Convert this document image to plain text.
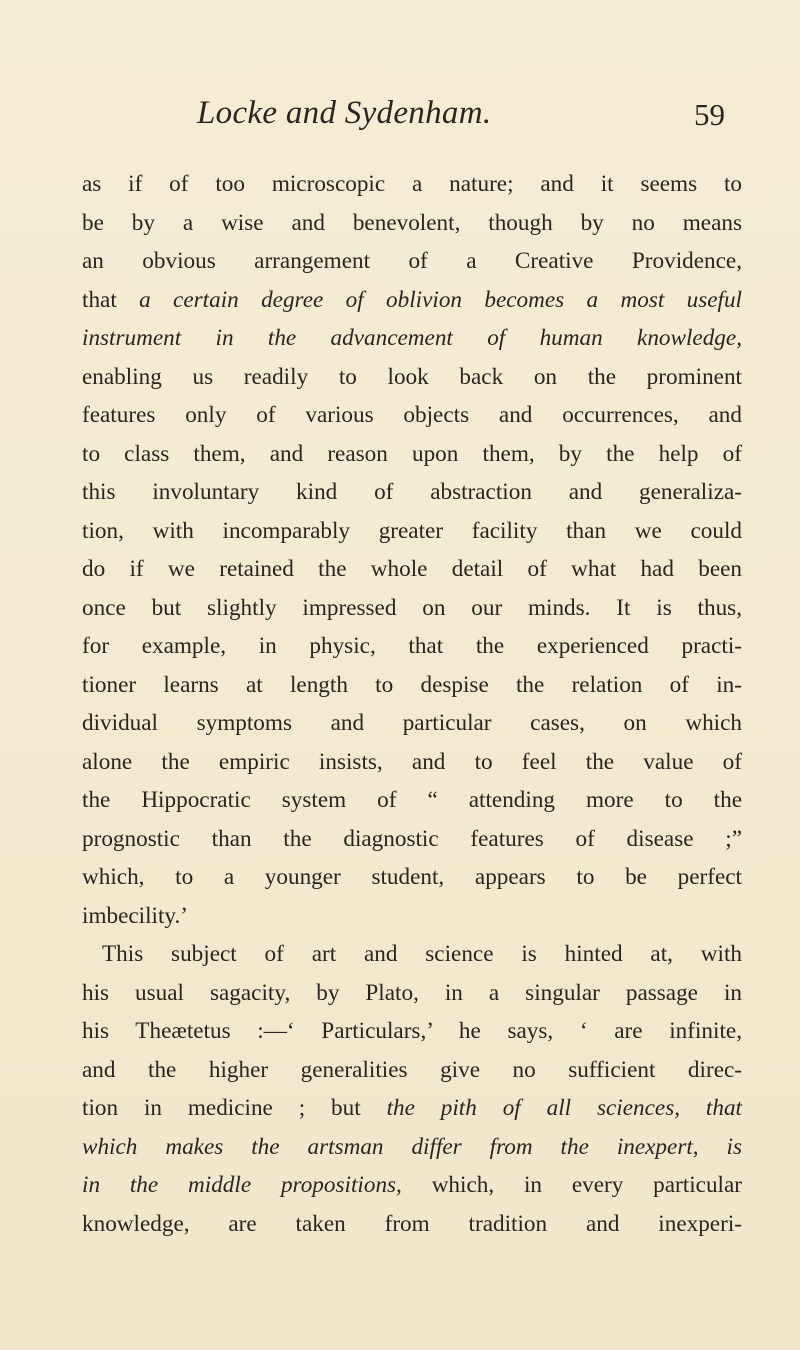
Locke and Sydenham.	59
as if of too microscopic a nature; and it seems to
be by a wise and benevolent, though by no means
an obvious arrangement of a Creative Providence,
that a certain degree of oblivion becomes a most useful
instrument in the advancement of human knowledge,
enabling us readily to look back on the prominent
features only of various objects and occurrences, and
to class them, and reason upon them, by the help of
this involuntary kind of abstraction and generaliza-
tion, with incomparably greater facility than we could
do if we retained the whole detail of what had been
once but slightly impressed on our minds. It is thus,
for example, in physic, that the experienced practi-
tioner learns at length to despise the relation of in-
dividual symptoms and particular cases, on which
alone the empiric insists, and to feel the value of
the Hippocratic system of “ attending more to the
prognostic than the diagnostic features of disease ;”
which, to a younger student, appears to be perfect
imbecility.’
This subject of art and science is hinted at, with
his usual sagacity, by Plato, in a singular passage in
his Theætetus :—‘ Particulars,’ he says, ‘ are infinite,
and the higher generalities give no sufficient direc-
tion in medicine ; but the pith of all sciences, that
which makes the artsman differ from the inexpert, is
in the middle propositions, which, in every particular
knowledge, are taken from tradition and inexperi-
